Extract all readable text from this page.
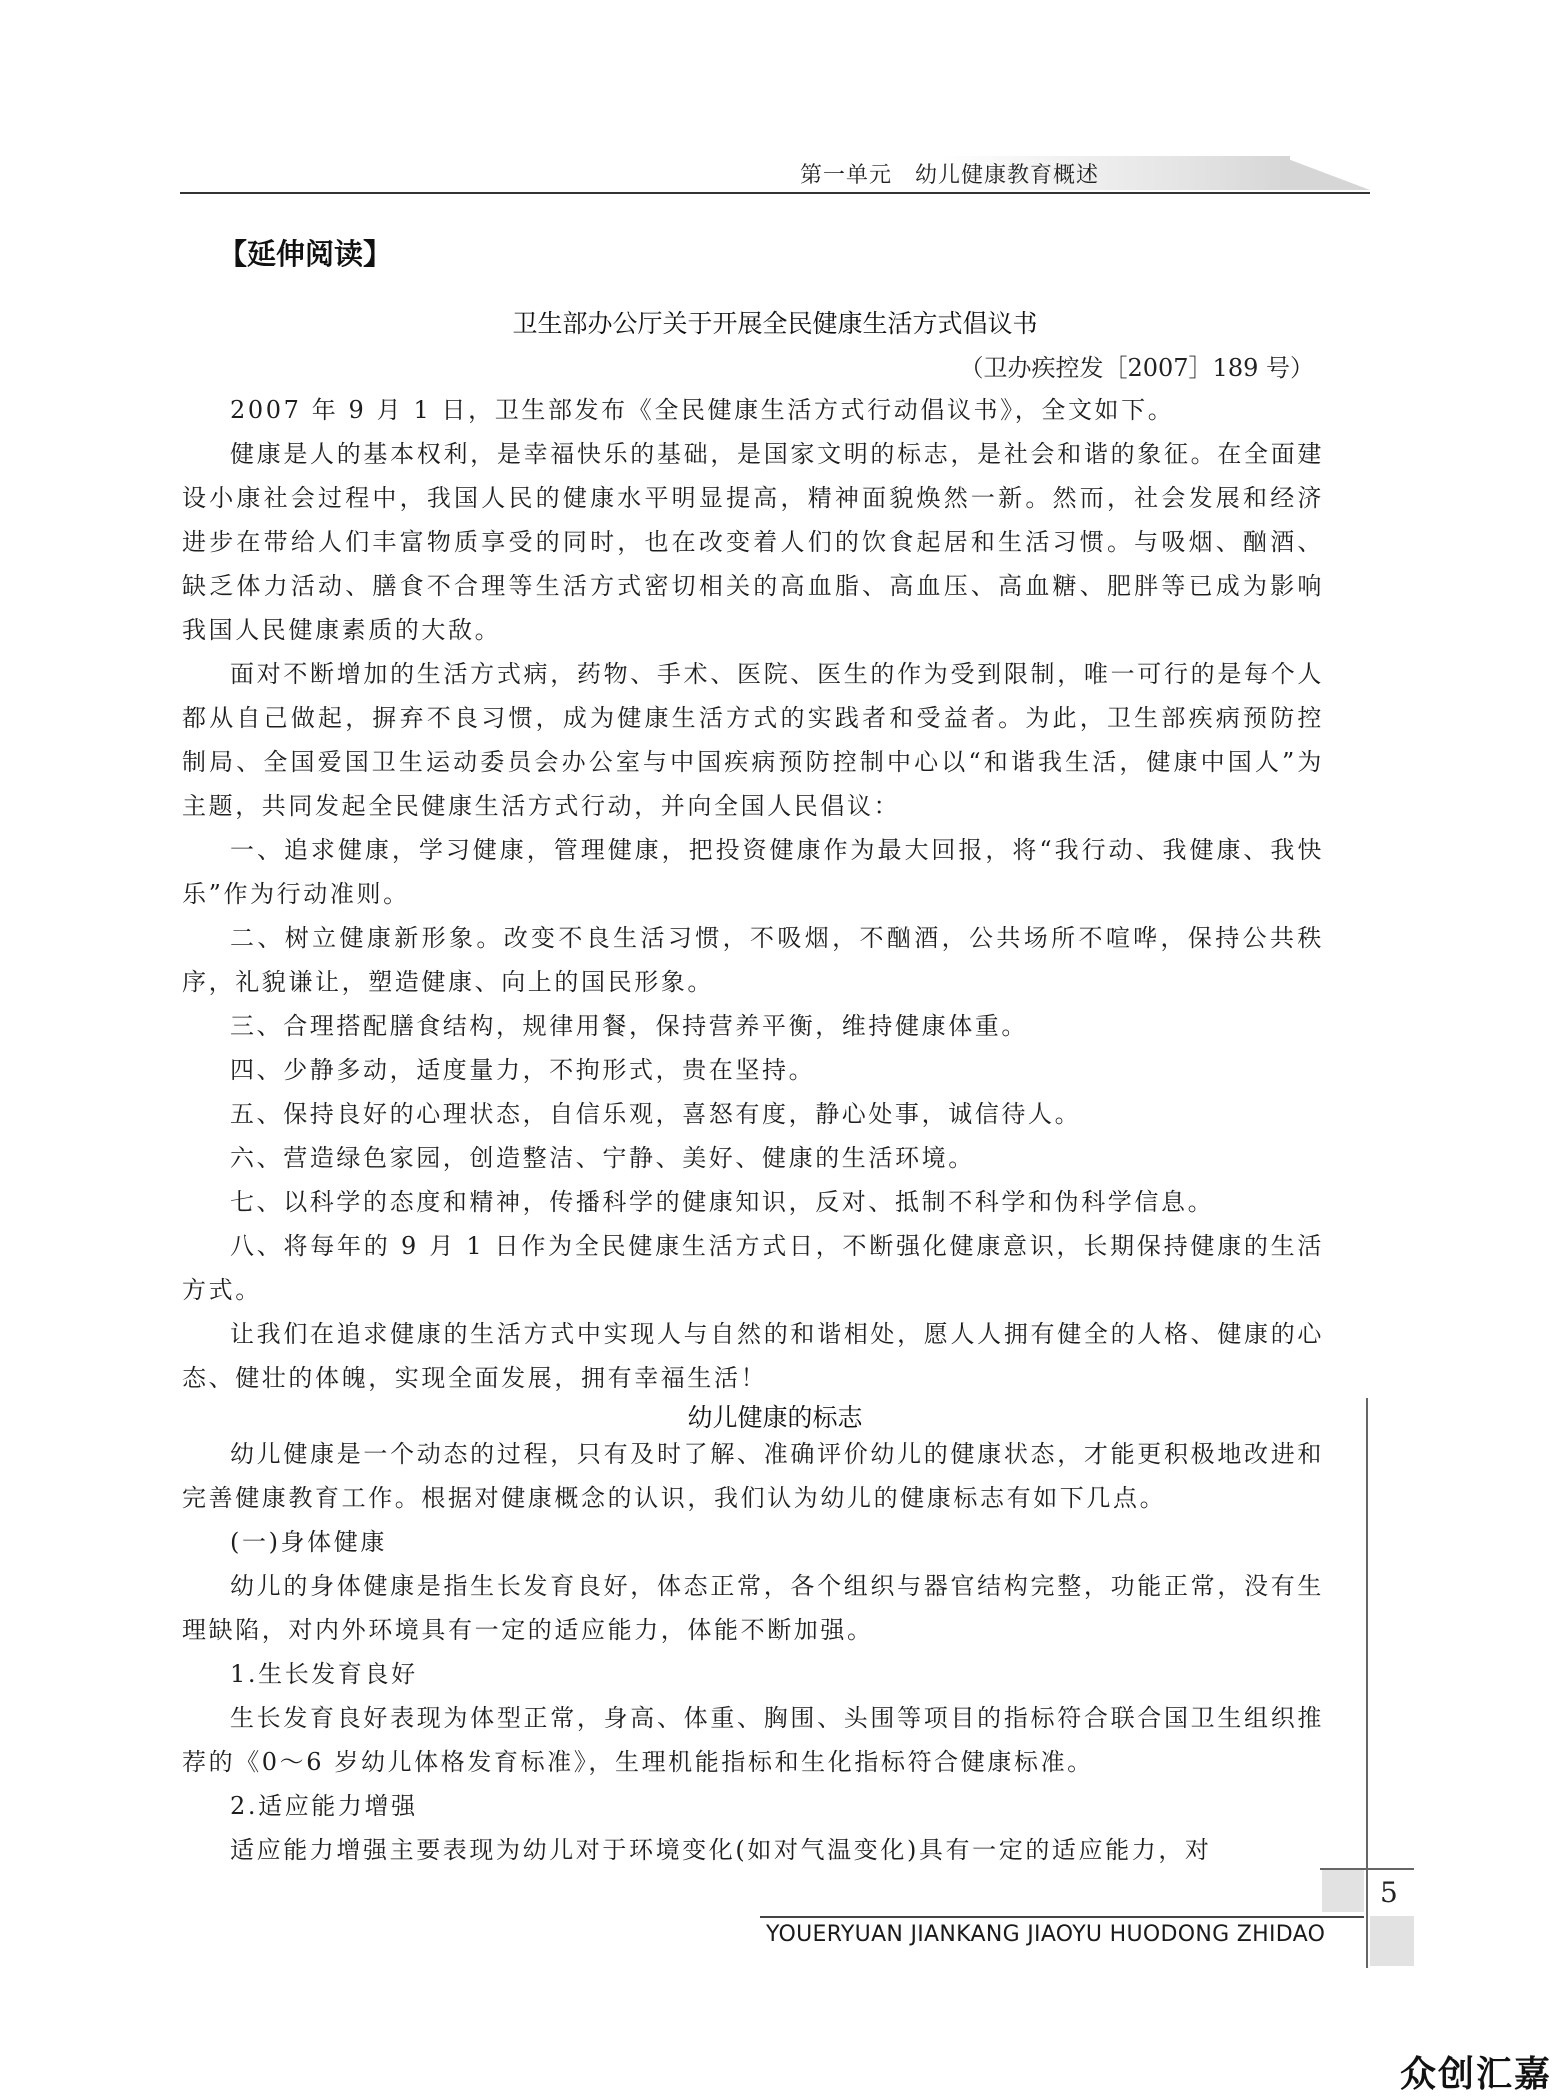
第一单元　幼儿健康教育概述
【延伸阅读】
卫生部办公厅关于开展全民健康生活方式倡议书
（卫办疾控发［2007］189 号）

2007 年 9 月 1 日，卫生部发布《全民健康生活方式行动倡议书》，全文如下。

健康是人的基本权利，是幸福快乐的基础，是国家文明的标志，是社会和谐的象征。在全面建设小康社会过程中，我国人民的健康水平明显提高，精神面貌焕然一新。然而，社会发展和经济进步在带给人们丰富物质享受的同时，也在改变着人们的饮食起居和生活习惯。与吸烟、酗酒、缺乏体力活动、膳食不合理等生活方式密切相关的高血脂、高血压、高血糖、肥胖等已成为影响我国人民健康素质的大敌。

面对不断增加的生活方式病，药物、手术、医院、医生的作为受到限制，唯一可行的是每个人都从自己做起，摒弃不良习惯，成为健康生活方式的实践者和受益者。为此，卫生部疾病预防控制局、全国爱国卫生运动委员会办公室与中国疾病预防控制中心以“和谐我生活，健康中国人”为主题，共同发起全民健康生活方式行动，并向全国人民倡议：

一、追求健康，学习健康，管理健康，把投资健康作为最大回报，将“我行动、我健康、我快乐”作为行动准则。

二、树立健康新形象。改变不良生活习惯，不吸烟，不酗酒，公共场所不喧哗，保持公共秩序，礼貌谦让，塑造健康、向上的国民形象。

三、合理搭配膳食结构，规律用餐，保持营养平衡，维持健康体重。

四、少静多动，适度量力，不拘形式，贵在坚持。

五、保持良好的心理状态，自信乐观，喜怒有度，静心处事，诚信待人。

六、营造绿色家园，创造整洁、宁静、美好、健康的生活环境。

七、以科学的态度和精神，传播科学的健康知识，反对、抵制不科学和伪科学信息。

八、将每年的 9 月 1 日作为全民健康生活方式日，不断强化健康意识，长期保持健康的生活方式。

让我们在追求健康的生活方式中实现人与自然的和谐相处，愿人人拥有健全的人格、健康的心态、健壮的体魄，实现全面发展，拥有幸福生活！

幼儿健康的标志

幼儿健康是一个动态的过程，只有及时了解、准确评价幼儿的健康状态，才能更积极地改进和完善健康教育工作。根据对健康概念的认识，我们认为幼儿的健康标志有如下几点。

(一)身体健康

幼儿的身体健康是指生长发育良好，体态正常，各个组织与器官结构完整，功能正常，没有生理缺陷，对内外环境具有一定的适应能力，体能不断加强。

1.生长发育良好

生长发育良好表现为体型正常，身高、体重、胸围、头围等项目的指标符合联合国卫生组织推荐的《0～6 岁幼儿体格发育标准》，生理机能指标和生化指标符合健康标准。

2.适应能力增强

适应能力增强主要表现为幼儿对于环境变化(如对气温变化)具有一定的适应能力，对

5
YOUERYUAN JIANKANG JIAOYU HUODONG ZHIDAO
众创汇嘉
